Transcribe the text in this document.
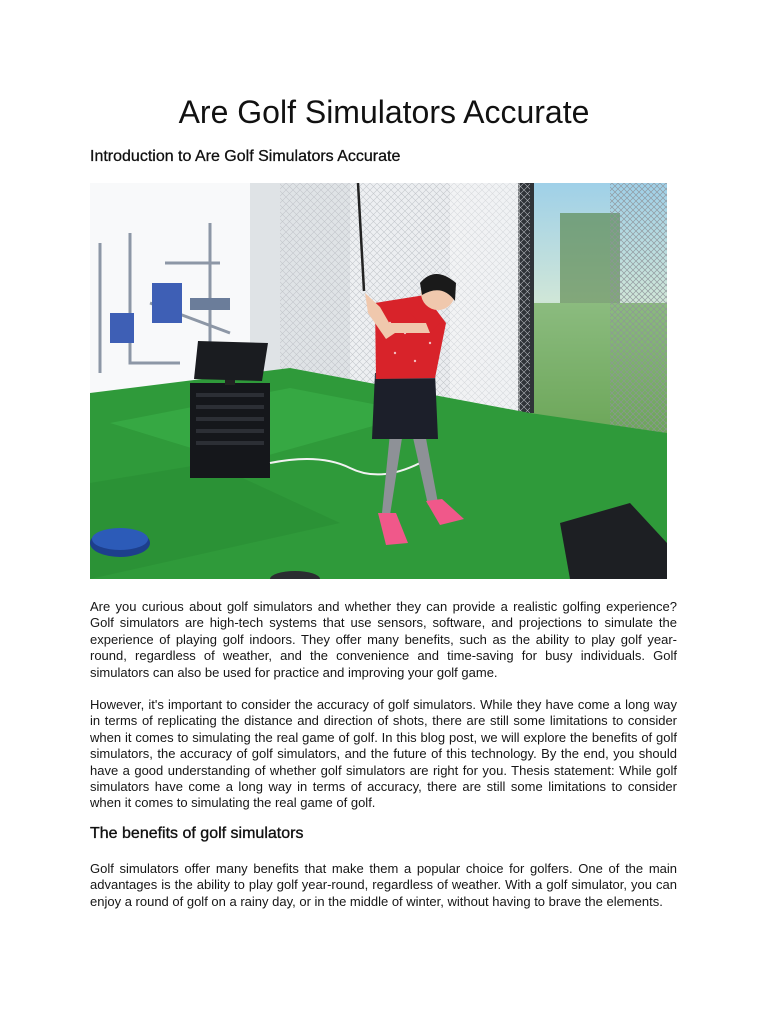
Are Golf Simulators Accurate
Introduction to Are Golf Simulators Accurate

Are you curious about golf simulators and whether they can provide a realistic golfing experience? Golf simulators are high-tech systems that use sensors, software, and projections to simulate the experience of playing golf indoors. They offer many benefits, such as the ability to play golf year-round, regardless of weather, and the convenience and time-saving for busy individuals. Golf simulators can also be used for practice and improving your golf game.

However, it's important to consider the accuracy of golf simulators. While they have come a long way in terms of replicating the distance and direction of shots, there are still some limitations to consider when it comes to simulating the real game of golf. In this blog post, we will explore the benefits of golf simulators, the accuracy of golf simulators, and the future of this technology. By the end, you should have a good understanding of whether golf simulators are right for you. Thesis statement: While golf simulators have come a long way in terms of accuracy, there are still some limitations to consider when it comes to simulating the real game of golf.

The benefits of golf simulators

Golf simulators offer many benefits that make them a popular choice for golfers. One of the main advantages is the ability to play golf year-round, regardless of weather. With a golf simulator, you can enjoy a round of golf on a rainy day, or in the middle of winter, without having to brave the elements.
